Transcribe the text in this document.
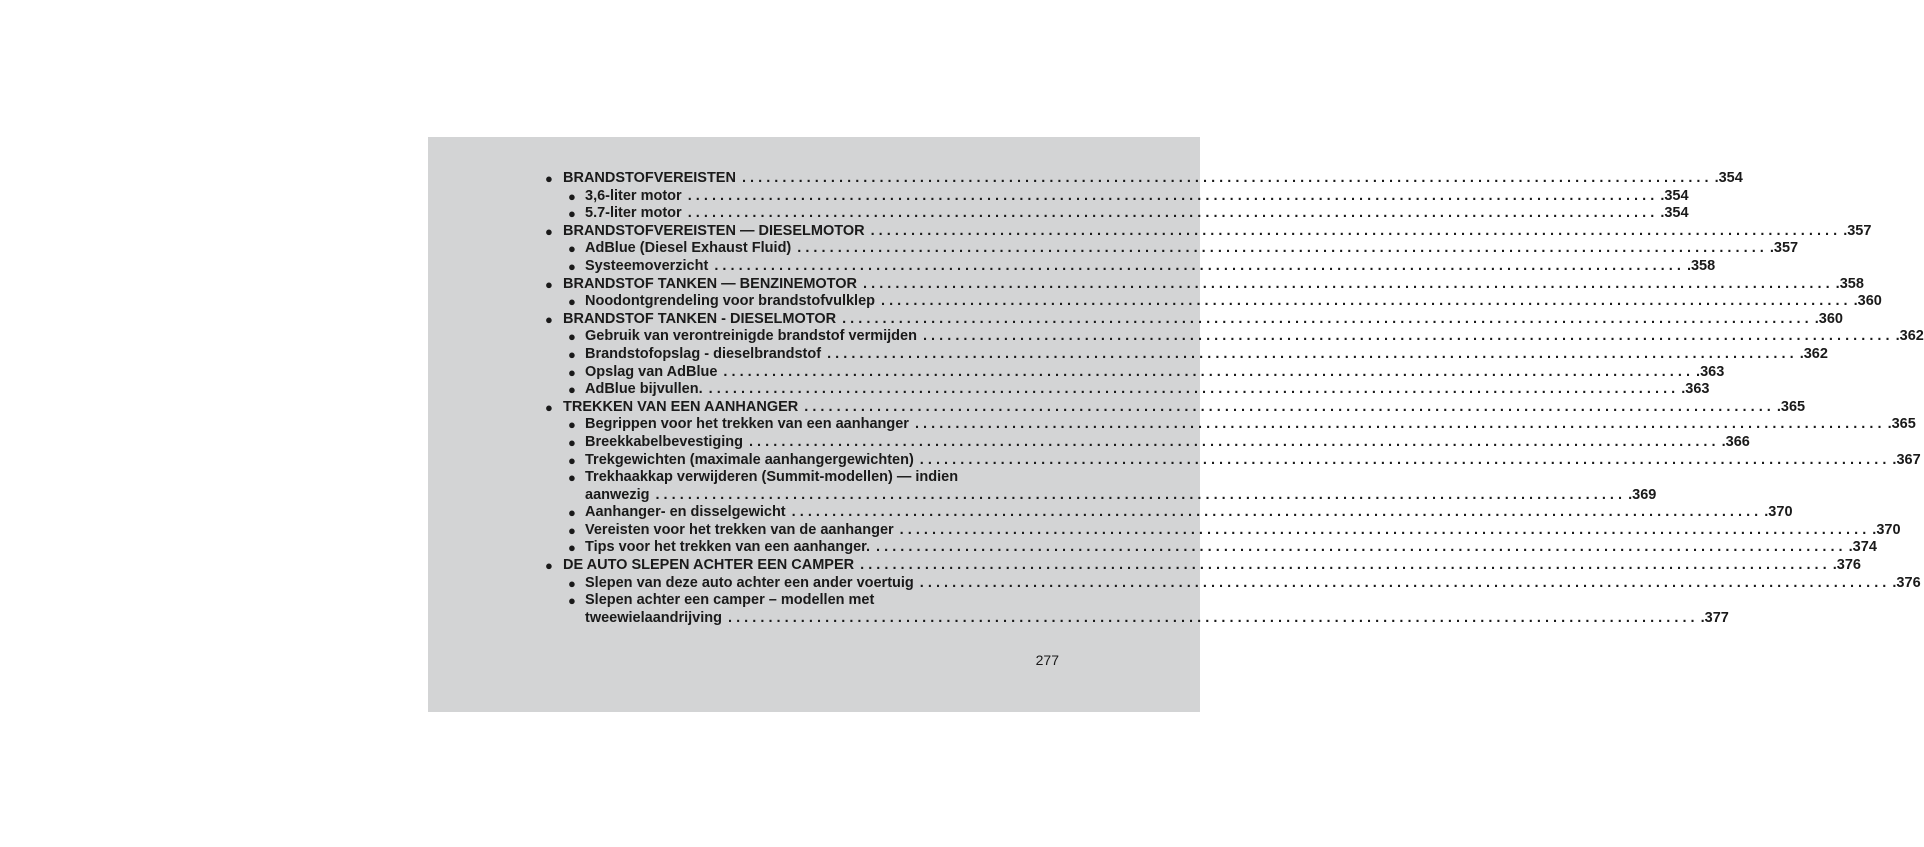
● BRANDSTOFVEREISTEN ........................................................................................................................ .354
● 3,6-liter motor ........................................................................................................................ .354
● 5.7-liter motor ........................................................................................................................ .354
● BRANDSTOFVEREISTEN — DIESELMOTOR ........................................................................................................................ .357
● AdBlue (Diesel Exhaust Fluid) ........................................................................................................................ .357
● Systeemoverzicht ........................................................................................................................ .358
● BRANDSTOF TANKEN — BENZINEMOTOR ........................................................................................................................ .358
● Noodontgrendeling voor brandstofvulklep ........................................................................................................................ .360
● BRANDSTOF TANKEN - DIESELMOTOR ........................................................................................................................ .360
● Gebruik van verontreinigde brandstof vermijden ........................................................................................................................ .362
● Brandstofopslag - dieselbrandstof ........................................................................................................................ .362
● Opslag van AdBlue ........................................................................................................................ .363
● AdBlue bijvullen. ........................................................................................................................ .363
● TREKKEN VAN EEN AANHANGER ........................................................................................................................ .365
● Begrippen voor het trekken van een aanhanger ........................................................................................................................ .365
● Breekkabelbevestiging ........................................................................................................................ .366
● Trekgewichten (maximale aanhangergewichten) ........................................................................................................................ .367
● Trekhaakkap verwijderen (Summit-modellen) — indien
aanwezig ........................................................................................................................ .369
● Aanhanger- en disselgewicht ........................................................................................................................ .370
● Vereisten voor het trekken van de aanhanger ........................................................................................................................ .370
● Tips voor het trekken van een aanhanger. ........................................................................................................................ .374
● DE AUTO SLEPEN ACHTER EEN CAMPER ........................................................................................................................ .376
● Slepen van deze auto achter een ander voertuig ........................................................................................................................ .376
● Slepen achter een camper – modellen met
tweewielaandrijving ........................................................................................................................ .377
277
